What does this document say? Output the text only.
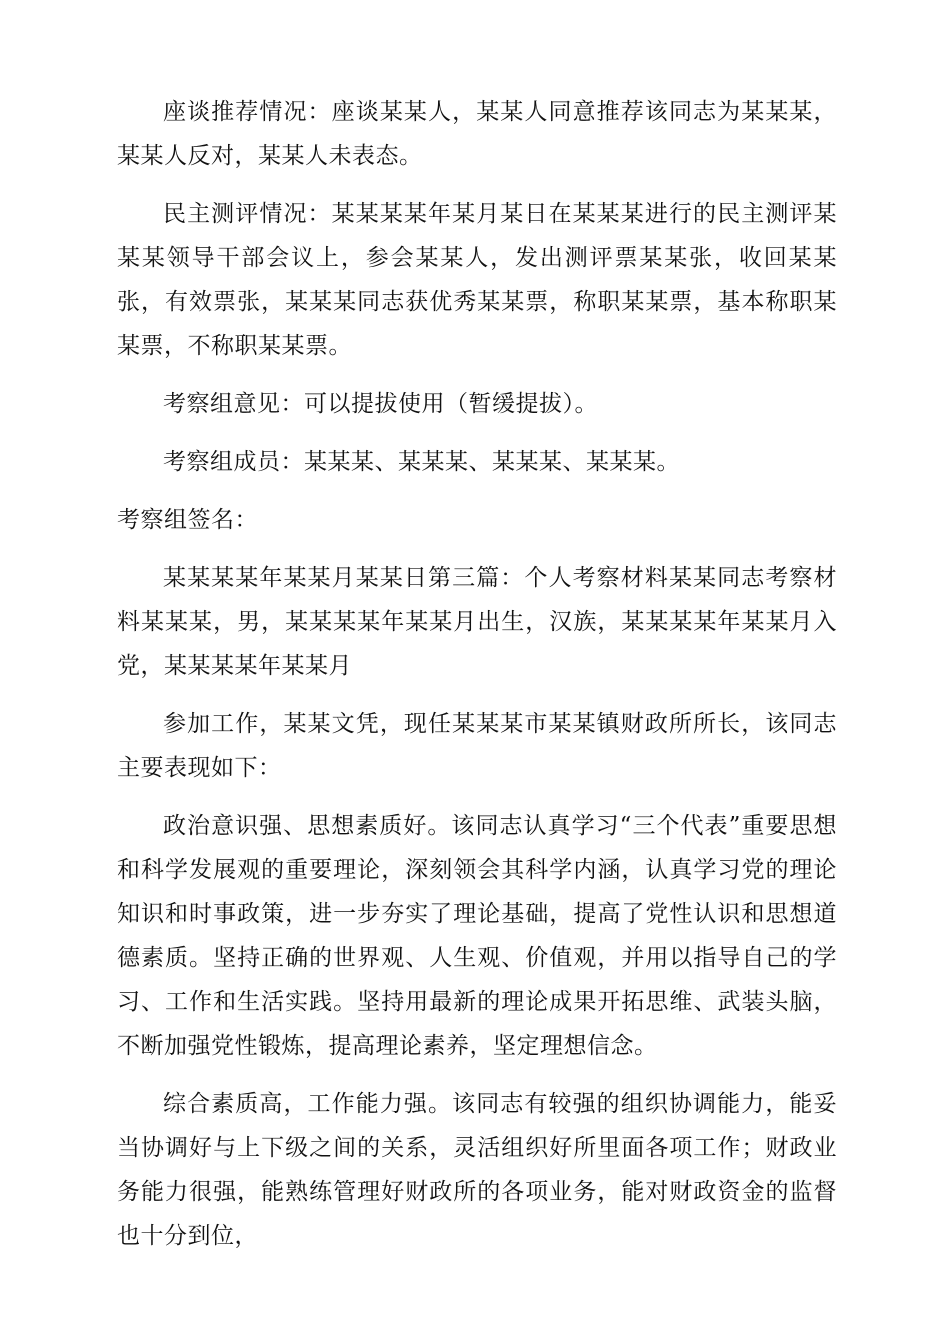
座谈推荐情况：座谈某某人，某某人同意推荐该同志为某某某，某某人反对，某某人未表态。

民主测评情况：某某某某年某月某日在某某某进行的民主测评某某某领导干部会议上，参会某某人，发出测评票某某张，收回某某张，有效票张，某某某同志获优秀某某票，称职某某票，基本称职某某票，不称职某某票。

考察组意见：可以提拔使用（暂缓提拔）。

考察组成员：某某某、某某某、某某某、某某某。

考察组签名：

某某某某年某某月某某日第三篇：个人考察材料某某同志考察材料某某某，男，某某某某年某某月出生，汉族，某某某某年某某月入党，某某某某年某某月

参加工作，某某文凭，现任某某某市某某镇财政所所长，该同志主要表现如下：

政治意识强、思想素质好。该同志认真学习“三个代表”重要思想和科学发展观的重要理论，深刻领会其科学内涵，认真学习党的理论知识和时事政策，进一步夯实了理论基础，提高了党性认识和思想道德素质。坚持正确的世界观、人生观、价值观，并用以指导自己的学习、工作和生活实践。坚持用最新的理论成果开拓思维、武装头脑，不断加强党性锻炼，提高理论素养，坚定理想信念。

综合素质高，工作能力强。该同志有较强的组织协调能力，能妥当协调好与上下级之间的关系，灵活组织好所里面各项工作；财政业务能力很强，能熟练管理好财政所的各项业务，能对财政资金的监督也十分到位，
